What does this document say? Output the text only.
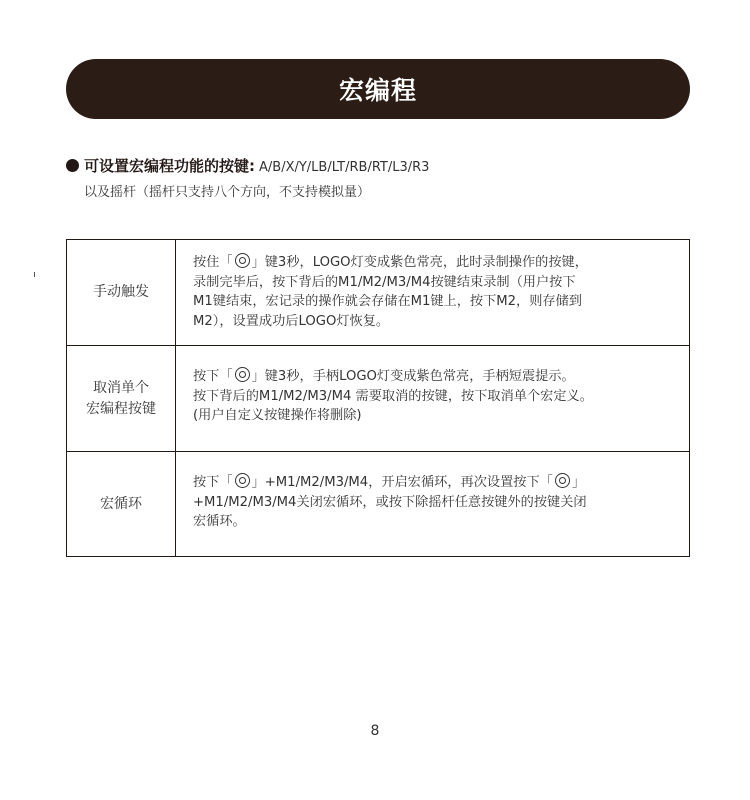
宏编程
可设置宏编程功能的按键: A/B/X/Y/LB/LT/RB/RT/L3/R3
以及摇杆（摇杆只支持八个方向，不支持模拟量）
手动触发
按住「 」键3秒，LOGO灯变成紫色常亮，此时录制操作的按键，
录制完毕后，按下背后的M1/M2/M3/M4按键结束录制（用户按下
M1键结束，宏记录的操作就会存储在M1键上，按下M2，则存储到
M2），设置成功后LOGO灯恢复。
取消单个
宏编程按键
按下「 」键3秒，手柄LOGO灯变成紫色常亮，手柄短震提示。
按下背后的M1/M2/M3/M4 需要取消的按键，按下取消单个宏定义。
(用户自定义按键操作将删除)
宏循环
按下「 」+M1/M2/M3/M4，开启宏循环，再次设置按下「 」
+M1/M2/M3/M4关闭宏循环，或按下除摇杆任意按键外的按键关闭
宏循环。
8
